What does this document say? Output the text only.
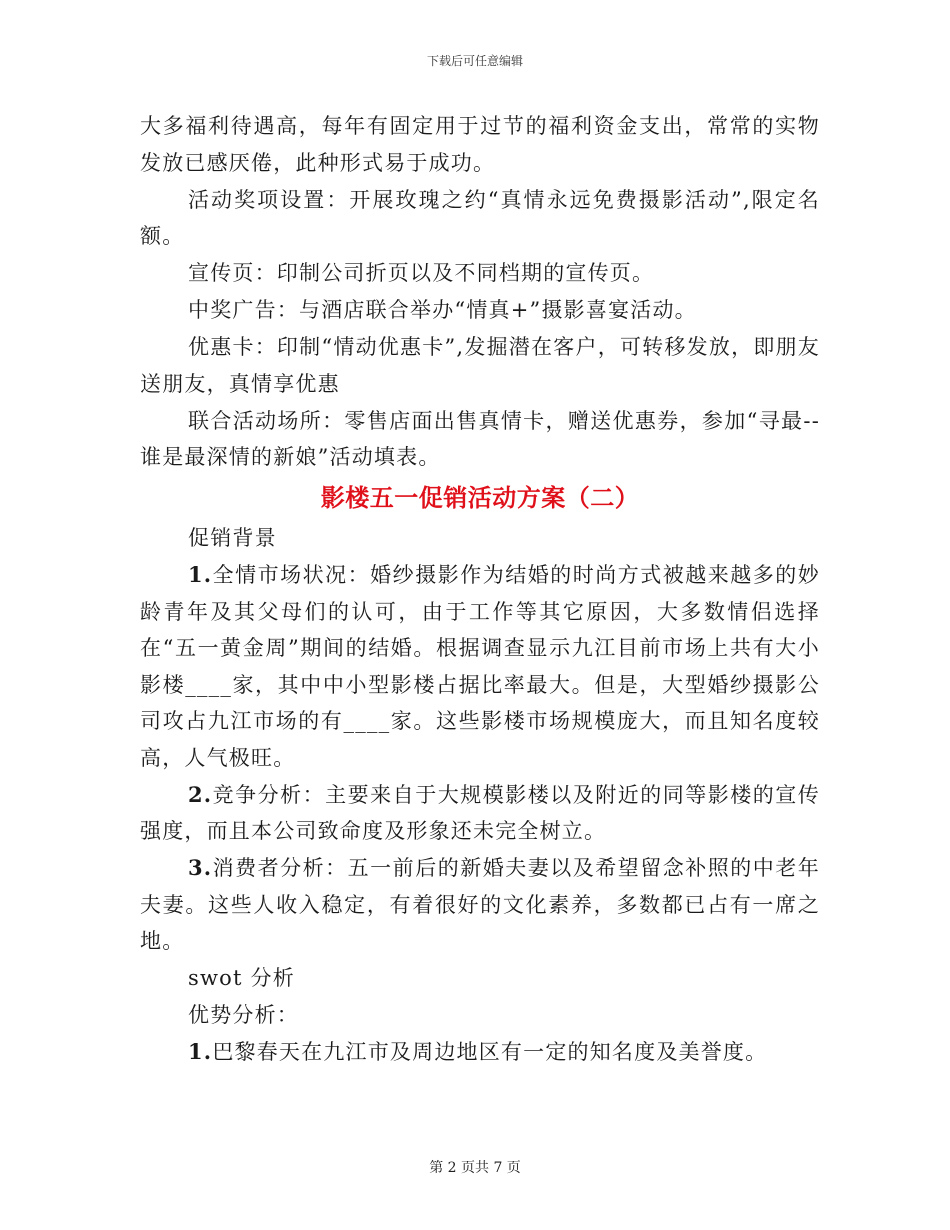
下载后可任意编辑

大多福利待遇高，每年有固定用于过节的福利资金支出，常常的实物发放已感厌倦，此种形式易于成功。

活动奖项设置：开展玫瑰之约“真情永远免费摄影活动”,限定名额。

宣传页：印制公司折页以及不同档期的宣传页。

中奖广告：与酒店联合举办“情真+”摄影喜宴活动。

优惠卡：印制“情动优惠卡”,发掘潜在客户，可转移发放，即朋友送朋友，真情享优惠

联合活动场所：零售店面出售真情卡，赠送优惠券，参加“寻最--谁是最深情的新娘”活动填表。

影楼五一促销活动方案（二）

促销背景

1.全情市场状况：婚纱摄影作为结婚的时尚方式被越来越多的妙龄青年及其父母们的认可，由于工作等其它原因，大多数情侣选择在“五一黄金周”期间的结婚。根据调查显示九江目前市场上共有大小影楼____家，其中中小型影楼占据比率最大。但是，大型婚纱摄影公司攻占九江市场的有____家。这些影楼市场规模庞大，而且知名度较高，人气极旺。

2.竞争分析：主要来自于大规模影楼以及附近的同等影楼的宣传强度，而且本公司致命度及形象还未完全树立。

3.消费者分析：五一前后的新婚夫妻以及希望留念补照的中老年夫妻。这些人收入稳定，有着很好的文化素养，多数都已占有一席之地。

swot 分析

优势分析：

1.巴黎春天在九江市及周边地区有一定的知名度及美誉度。

第 2 页共 7 页
